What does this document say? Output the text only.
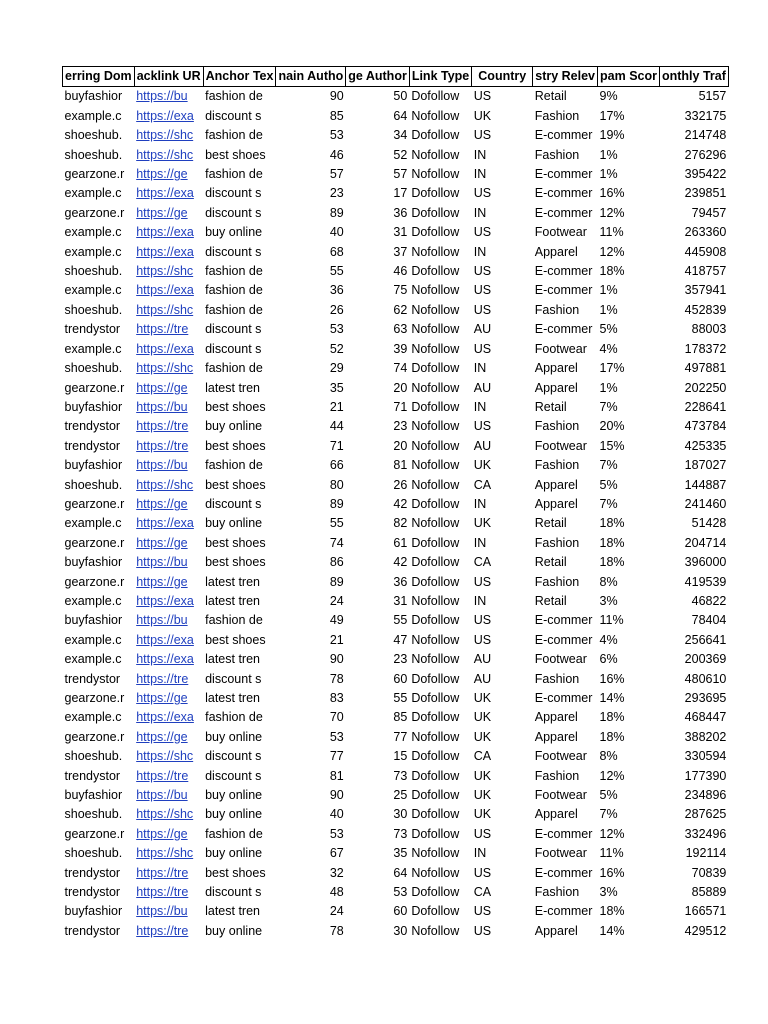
erring Dom	acklink UR	Anchor Tex	nain Autho	ge Author	Link Type	Country	stry Relev	pam Scor	onthly Traf
buyfashior	https://bu	fashion de	90	50	Dofollow	US	Retail	9%	5157
example.c	https://exa	discount s	85	64	Nofollow	UK	Fashion	17%	332175
shoeshub.	https://shc	fashion de	53	34	Dofollow	US	E-commer	19%	214748
shoeshub.	https://shc	best shoes	46	52	Nofollow	IN	Fashion	1%	276296
gearzone.r	https://ge	fashion de	57	57	Nofollow	IN	E-commer	1%	395422
example.c	https://exa	discount s	23	17	Dofollow	US	E-commer	16%	239851
gearzone.r	https://ge	discount s	89	36	Dofollow	IN	E-commer	12%	79457
example.c	https://exa	buy online	40	31	Dofollow	US	Footwear	11%	263360
example.c	https://exa	discount s	68	37	Nofollow	IN	Apparel	12%	445908
shoeshub.	https://shc	fashion de	55	46	Dofollow	US	E-commer	18%	418757
example.c	https://exa	fashion de	36	75	Nofollow	US	E-commer	1%	357941
shoeshub.	https://shc	fashion de	26	62	Nofollow	US	Fashion	1%	452839
trendystor	https://tre	discount s	53	63	Nofollow	AU	E-commer	5%	88003
example.c	https://exa	discount s	52	39	Nofollow	US	Footwear	4%	178372
shoeshub.	https://shc	fashion de	29	74	Dofollow	IN	Apparel	17%	497881
gearzone.r	https://ge	latest tren	35	20	Nofollow	AU	Apparel	1%	202250
buyfashior	https://bu	best shoes	21	71	Dofollow	IN	Retail	7%	228641
trendystor	https://tre	buy online	44	23	Nofollow	US	Fashion	20%	473784
trendystor	https://tre	best shoes	71	20	Nofollow	AU	Footwear	15%	425335
buyfashior	https://bu	fashion de	66	81	Nofollow	UK	Fashion	7%	187027
shoeshub.	https://shc	best shoes	80	26	Nofollow	CA	Apparel	5%	144887
gearzone.r	https://ge	discount s	89	42	Dofollow	IN	Apparel	7%	241460
example.c	https://exa	buy online	55	82	Nofollow	UK	Retail	18%	51428
gearzone.r	https://ge	best shoes	74	61	Dofollow	IN	Fashion	18%	204714
buyfashior	https://bu	best shoes	86	42	Dofollow	CA	Retail	18%	396000
gearzone.r	https://ge	latest tren	89	36	Dofollow	US	Fashion	8%	419539
example.c	https://exa	latest tren	24	31	Nofollow	IN	Retail	3%	46822
buyfashior	https://bu	fashion de	49	55	Dofollow	US	E-commer	11%	78404
example.c	https://exa	best shoes	21	47	Nofollow	US	E-commer	4%	256641
example.c	https://exa	latest tren	90	23	Nofollow	AU	Footwear	6%	200369
trendystor	https://tre	discount s	78	60	Dofollow	AU	Fashion	16%	480610
gearzone.r	https://ge	latest tren	83	55	Dofollow	UK	E-commer	14%	293695
example.c	https://exa	fashion de	70	85	Dofollow	UK	Apparel	18%	468447
gearzone.r	https://ge	buy online	53	77	Nofollow	UK	Apparel	18%	388202
shoeshub.	https://shc	discount s	77	15	Dofollow	CA	Footwear	8%	330594
trendystor	https://tre	discount s	81	73	Dofollow	UK	Fashion	12%	177390
buyfashior	https://bu	buy online	90	25	Dofollow	UK	Footwear	5%	234896
shoeshub.	https://shc	buy online	40	30	Dofollow	UK	Apparel	7%	287625
gearzone.r	https://ge	fashion de	53	73	Dofollow	US	E-commer	12%	332496
shoeshub.	https://shc	buy online	67	35	Nofollow	IN	Footwear	11%	192114
trendystor	https://tre	best shoes	32	64	Nofollow	US	E-commer	16%	70839
trendystor	https://tre	discount s	48	53	Dofollow	CA	Fashion	3%	85889
buyfashior	https://bu	latest tren	24	60	Dofollow	US	E-commer	18%	166571
trendystor	https://tre	buy online	78	30	Nofollow	US	Apparel	14%	429512
